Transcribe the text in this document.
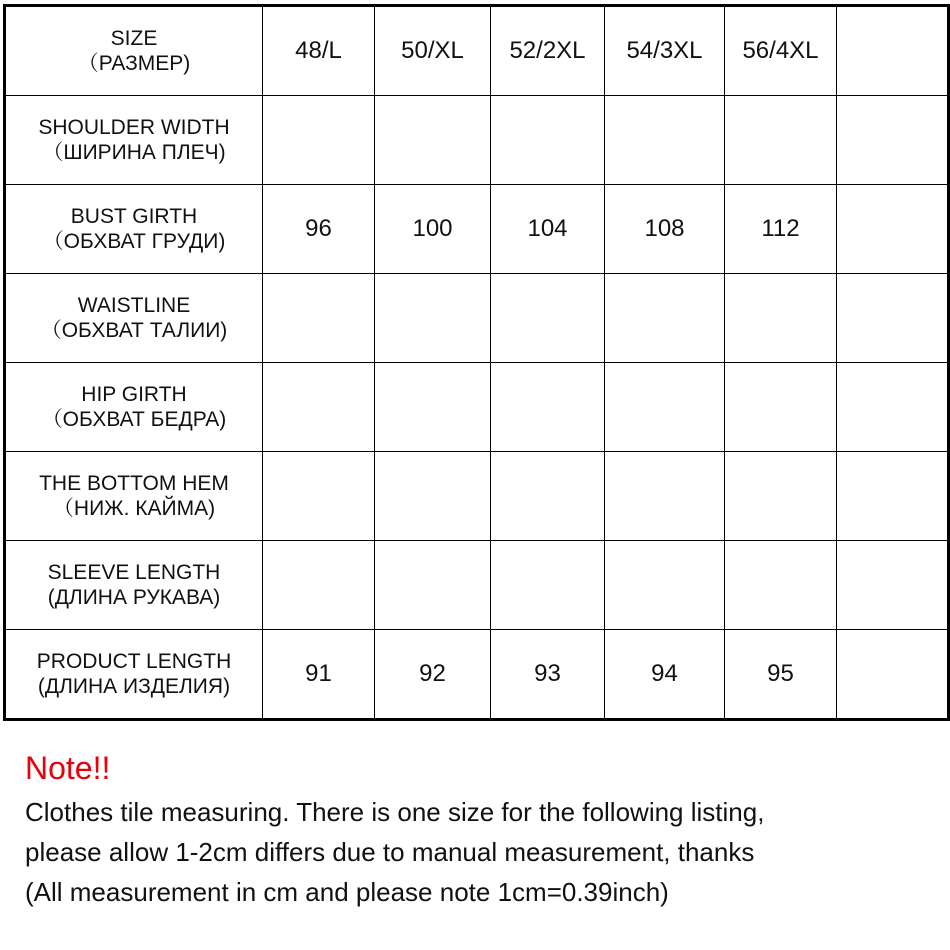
SIZE
（РАЗМЕР)	48/L	50/XL	52/2XL	54/3XL	56/4XL	

SHOULDER WIDTH
（ШИРИНА ПЛЕЧ)						

BUST GIRTH
（ОБХВАТ ГРУДИ)	96	100	104	108	112	

WAISTLINE
（ОБХВАТ ТАЛИИ)						

HIP GIRTH
（ОБХВАТ БЕДРА)						

THE BOTTOM HEM
（НИЖ. КАЙМА)						

SLEEVE LENGTH
(ДЛИНА РУКАВА)						

PRODUCT LENGTH
(ДЛИНА ИЗДЕЛИЯ)	91	92	93	94	95	
Note!!

Clothes tile measuring. There is one size for the following listing,

please allow 1-2cm differs due to manual measurement, thanks

(All measurement in cm and please note 1cm=0.39inch)
